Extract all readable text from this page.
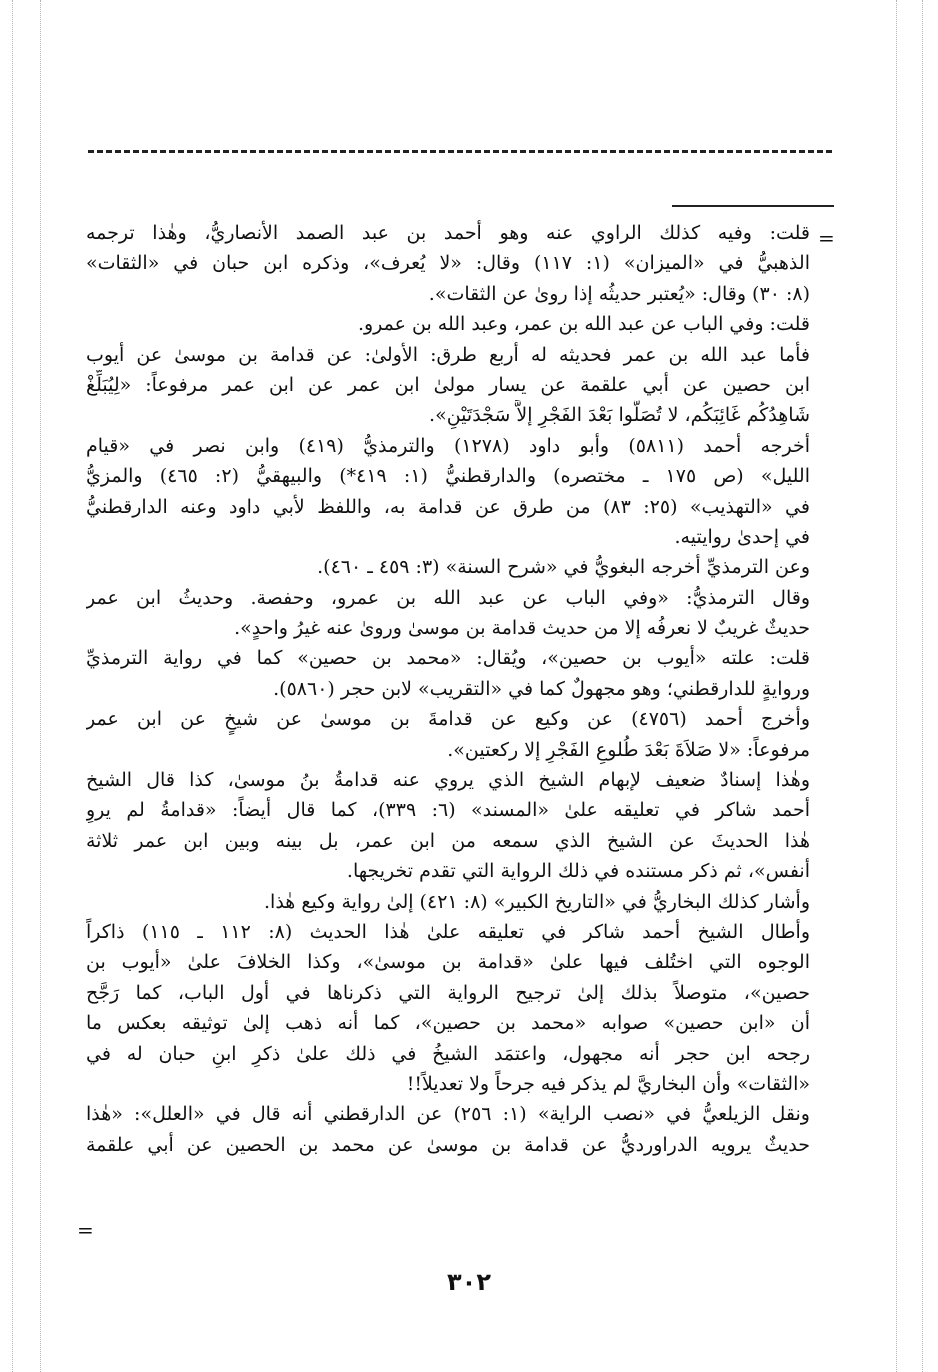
=
قلت: وفيه كذلك الراوي عنه وهو أحمد بن عبد الصمد الأنصاريُّ، وهٰذا ترجمه
الذهبيُّ في «الميزان» (١: ١١٧) وقال: «لا يُعرف»، وذكره ابن حبان في «الثقات»
(٨: ٣٠) وقال: «يُعتبر حديثُه إذا روىٰ عن الثقات».
قلت: وفي الباب عن عبد الله بن عمر، وعبد الله بن عمرو.
فأما عبد الله بن عمر فحديثه له أربع طرق: الأولىٰ: عن قدامة بن موسىٰ عن أيوب
ابن حصين عن أبي علقمة عن يسار مولىٰ ابن عمر عن ابن عمر مرفوعاً: «لِيُبَلِّغْ
شَاهِدُكُم غَائِبَكُم، لا تُصَلُّوا بَعْدَ الفَجْرِ إلاَّ سَجْدَتَيْنِ».
أخرجه أحمد (٥٨١١) وأبو داود (١٢٧٨) والترمذيُّ (٤١٩) وابن نصر في «قيام
الليل» (ص ١٧٥ ـ مختصره) والدارقطنيُّ (١: ٤١٩*) والبيهقيُّ (٢: ٤٦٥) والمزيُّ
في «التهذيب» (٢٥: ٨٣) من طرق عن قدامة به، واللفظ لأبي داود وعنه الدارقطنيُّ
في إحدىٰ روايتيه.
وعن الترمذيِّ أخرجه البغويُّ في «شرح السنة» (٣: ٤٥٩ ـ ٤٦٠).
وقال الترمذيُّ: «وفي الباب عن عبد الله بن عمرو، وحفصة. وحديثُ ابن عمر
حديثٌ غريبٌ لا نعرفُه إلا من حديث قدامة بن موسىٰ وروىٰ عنه غيرُ واحدٍ».
قلت: علته «أيوب بن حصين»، ويُقال: «محمد بن حصين» كما في رواية الترمذيِّ
وروايةٍ للدارقطني؛ وهو مجهولٌ كما في «التقريب» لابن حجر (٥٨٦٠).
وأخرج أحمد (٤٧٥٦) عن وكيع عن قدامةَ بن موسىٰ عن شيخٍ عن ابن عمر
مرفوعاً: «لا صَلاَةَ بَعْدَ طُلوعِ الفَجْرِ إلا ركعتين».
وهٰذا إسنادٌ ضعيف لإبهام الشيخ الذي يروي عنه قدامةُ بنُ موسىٰ، كذا قال الشيخ
أحمد شاكر في تعليقه علىٰ «المسند» (٦: ٣٣٩)، كما قال أيضاً: «قدامةُ لم يروِ
هٰذا الحديثَ عن الشيخ الذي سمعه من ابن عمر، بل بينه وبين ابن عمر ثلاثة
أنفس»، ثم ذكر مستنده في ذلك الرواية التي تقدم تخريجها.
وأشار كذلك البخاريُّ في «التاريخ الكبير» (٨: ٤٢١) إلىٰ رواية وكيع هٰذا.
وأطال الشيخ أحمد شاكر في تعليقه علىٰ هٰذا الحديث (٨: ١١٢ ـ ١١٥) ذاكراً
الوجوه التي اختُلف فيها علىٰ «قدامة بن موسىٰ»، وكذا الخلافَ علىٰ «أيوب بن
حصين»، متوصلاً بذلك إلىٰ ترجيح الرواية التي ذكرناها في أول الباب، كما رَجَّح
أن «ابن حصين» صوابه «محمد بن حصين»، كما أنه ذهب إلىٰ توثيقه بعكس ما
رجحه ابن حجر أنه مجهول، واعتمَد الشيخُ في ذلك علىٰ ذكرِ ابنِ حبان له في
«الثقات» وأن البخاريَّ لم يذكر فيه جرحاً ولا تعديلاً!!
ونقل الزيلعيُّ في «نصب الراية» (١: ٢٥٦) عن الدارقطني أنه قال في «العلل»: «هٰذا
حديثٌ يرويه الدراورديُّ عن قدامة بن موسىٰ عن محمد بن الحصين عن أبي علقمة
=
٣٠٢
